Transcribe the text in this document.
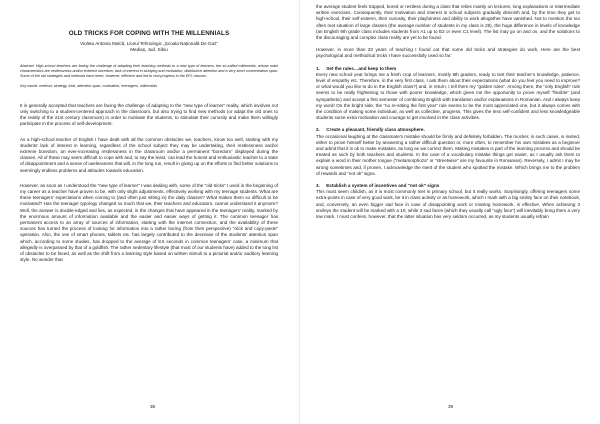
OLD TRICKS FOR COPING WITH THE MILLENNIALS
Violeta Antonia Mulcă, Liceul Tehnologic „Școala Națională De Gaz”
Mediaș, Jud. Sibiu
Abstract: High-school teachers are facing the challenge of adapting their teaching methods to a new type of learners, the so-called millennials, whose main characteristics are restlessness and/or extreme boredom, lack of interest in studying and motivation, distributive attention and a very short concentration span. Some of the old strategies and methods have been, however, effective and led to real progress in the EFL classes.
Key words: method, strategy, trick, attention span, motivation, teenagers, millennials

It is generally accepted that teachers are facing the challenge of adapting to the “new type of learner” reality, which involves not only switching to a student-centered approach in the classroom, but also trying to find new methods (or adapt the old ones to the reality of the 21st century classroom) in order to motivate the students, to stimulate their curiosity and make them willingly participate in the process of self-development.

As a high-school teacher of English I have dealt with all the common obstacles we, teachers, know too well, starting with my students’ lack of interest in learning, regardless of the school subject they may be undertaking, their restlessness and/or extreme boredom, an ever-increasing restlessness in the classroom and/or a permanent “boredom” displayed during the classes. All of these may seem difficult to cope with and, to say the least, can lead the honest and enthusiastic teacher to a state of disappointment and a sense of uselessness that will, in the long run, result in giving up on the efforts to find better solutions to seemingly endless problems and attitudes towards education.

However, as soon as I understood the “new type of learner” I was dealing with, some of the “old tricks” I used in the beginning of my career as a teacher have proven to be, with only slight adjustments, effectively working with my teenage students. What are these teenagers’ expectations when coming to (and often just sitting in) the daily classes? What makes them so difficult to be motivated? Has the teenager typology changed so much that we, their teachers and educators, cannot understand it anymore? Well, the answer is double-edged and lies, as expected, in the changes that have appeared in the teenagers’ reality, marked by the enormous amount of information available and the easier and easier ways of getting it. The common teenager has permanent access to an array of sources of information, starting with the internet connection, and the availability of these sources has turned the process of looking for information into a rather boring (from their perspective) “click and copy-paste” operation. Also, the use of smart phones, tablets etc. has largely contributed to the decrease of the students’ attention span which, according to some studies, has dropped to the average of 8.5 seconds in common teenagers’ case, a minimum that allegedly is overpassed by that of a goldfish. The rather sedentary lifestyle (that most of our students have) added to the long list of obstacles to be faced, as well as the shift from a learning style based on written stimuli to a pictorial and/or auditory learning style. No wonder that

38

the average student feels trapped, bored or restless during a class that relies mainly on lectures, long explanations or intermediate written exercises. Consequently, their motivation and interest in school subjects gradually diminish and, by the time they get to high-school, their self-esteem, their curiosity, their playfulness and ability to work altogether have vanished. Not to mention the too often met situation of large classes (the average number of students in my class is 28), the huge difference in levels of knowledge (an English 9th grade class includes students from A1 up to B2 or even C1 level). The list may go on and on, and the solutions to the discouraging and complex class reality are yet to be found.

However, in more than 20 years of teaching I found out that some old tricks and strategies do work. Here are the best psychological and methodical tricks I have successfully used so far:

1.     Set the rules…and keep to them

Every new school year brings me a fresh crop of learners, mostly 9th graders, ready to test their teacher’s knowledge, patience, level of empathy etc. Therefore, in the very first class, I ask them about their expectations (what do you feel you need to improve? or what would you like to do in the English class?) and, in return, I tell them my “golden rules”. Among them, the “only English” rule seems to be really frightening to those with poorer knowledge, which gives me the opportunity to prove myself “flexible” (and sympathetic) and accept a first semester of combining English with translation and/or explanations in Romanian. And I always keep my word! On the bright side, the “no re-sitting the first year” rule seems to be the most appreciated one, but it always comes with the condition of making some individual, as well as collective, progress. This gives the less self-confident and less knowledgeable students some extra motivation and courage to get involved in the class activities.

2.     Create a pleasant, friendly class atmosphere.

The occasional laughing at the classmate’s mistake should be firmly and definitely forbidden. The mocker, in such cases, is invited, either to prove himself better by answering a rather difficult question or, more often, to remember his own mistakes as a beginner and admit that it is ok to make mistakes, as long as we correct them. Making mistakes is part of the learning process and should be treated as such by both teachers and students. In the case of a vocabulary mistake things get easier, as I usually ask them to explain a word in their mother tongue (“metamorphoza” or “streetwise” are my favourite in Romanian). Reversely, I admit I may be wrong sometimes and, if proven, I acknowledge the merit of the student who spotted the mistake. Which brings me to the problem of rewards and “not ok” signs.

3.     Establish a system of incentives and “not ok” signs

This must seem childish, as it is most commonly met in primary school, but it really works. Surprisingly, offering teenagers some extra-points in case of very good work, be it in class activity or as homework, which I mark with a big smiley face on their notebook, and, conversely, an even bigger sad face in case of disappointing work or missing homework, is effective. When achieving 3 smileys the student will be marked with a 10, while 3 sad faces (which they usually call “ugly face”) will inevitably bring them a very low mark. I must confess, however, that the latter situation has very seldom occurred, as my students usually refrain

39
